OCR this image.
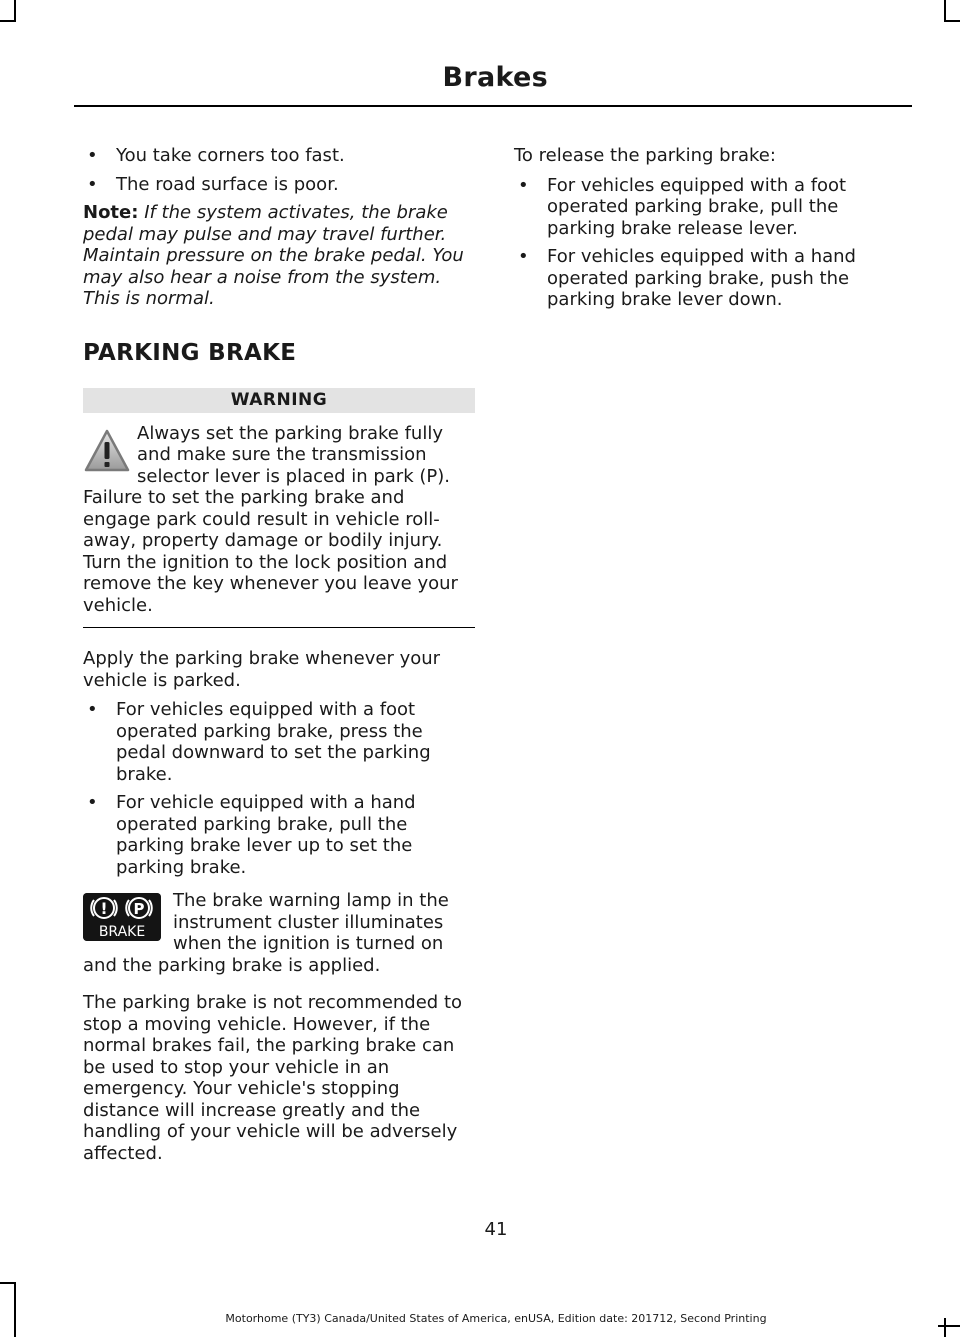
Brakes
• You take corners too fast.
• The road surface is poor.

Note: If the system activates, the brake pedal may pulse and may travel further. Maintain pressure on the brake pedal. You may also hear a noise from the system. This is normal.

PARKING BRAKE
WARNING

Always set the parking brake fully and make sure the transmission selector lever is placed in park (P). Failure to set the parking brake and engage park could result in vehicle roll-away, property damage or bodily injury. Turn the ignition to the lock position and remove the key whenever you leave your vehicle.

Apply the parking brake whenever your vehicle is parked.

• For vehicles equipped with a foot operated parking brake, press the pedal downward to set the parking brake.
• For vehicle equipped with a hand operated parking brake, pull the parking brake lever up to set the parking brake.
! P
BRAKE

The brake warning lamp in the instrument cluster illuminates when the ignition is turned on and the parking brake is applied.

The parking brake is not recommended to stop a moving vehicle. However, if the normal brakes fail, the parking brake can be used to stop your vehicle in an emergency. Your vehicle's stopping distance will increase greatly and the handling of your vehicle will be adversely affected.

To release the parking brake:

• For vehicles equipped with a foot operated parking brake, pull the parking brake release lever.
• For vehicles equipped with a hand operated parking brake, push the parking brake lever down.
41
Motorhome (TY3) Canada/United States of America, enUSA, Edition date: 201712, Second Printing
